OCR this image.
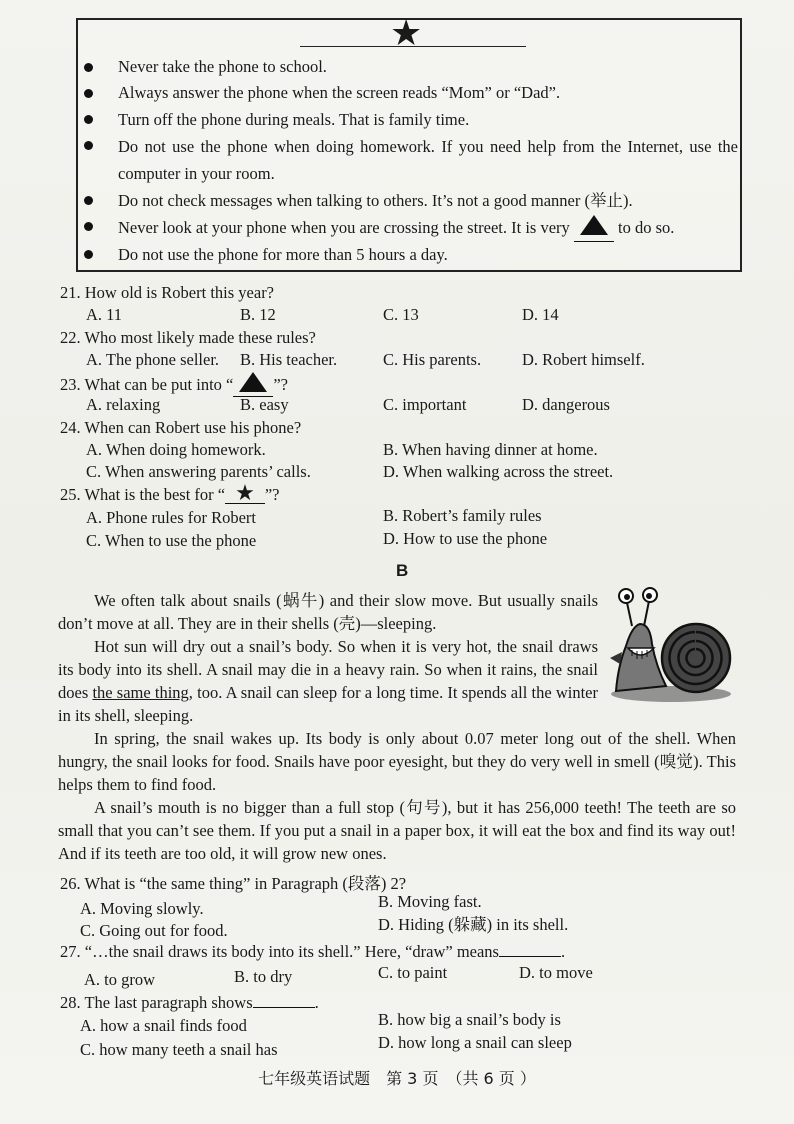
★
Never take the phone to school.
Always answer the phone when the screen reads “Mom” or “Dad”.
Turn off the phone during meals. That is family time.
Do not use the phone when doing homework. If you need help from the Internet, use the computer in your room.
Do not check messages when talking to others. It’s not a good manner (举止).
Never look at your phone when you are crossing the street. It is very	to do so.
Do not use the phone for more than 5 hours a day.
21. How old is Robert this year?
A. 11	B. 12	C. 13	D. 14
22. Who most likely made these rules?
A. The phone seller. B. His teacher.	C. His parents. D. Robert himself.
23. What can be put into “ ”?
A. relaxing	B. easy	C. important	D. dangerous
24. When can Robert use his phone?
A. When doing homework.	B. When having dinner at home.
C. When answering parents’ calls.	D. When walking across the street.
25. What is the best for “ ★ ”?
A. Phone rules for Robert	B. Robert’s family rules
C. When to use the phone	D. How to use the phone
B
We often talk about snails (蜗牛) and their slow move. But usually snails don’t move at all. They are in their shells (壳)—sleeping.
Hot sun will dry out a snail’s body. So when it is very hot, the snail draws its body into its shell. A snail may die in a heavy rain. So when it rains, the snail does the same thing, too. A snail can sleep for a long time. It spends all the winter in its shell, sleeping.
In spring, the snail wakes up. Its body is only about 0.07 meter long out of the shell. When hungry, the snail looks for food. Snails have poor eyesight, but they do very well in smell (嗅觉). This helps them to find food.
A snail’s mouth is no bigger than a full stop (句号), but it has 256,000 teeth! The teeth are so small that you can’t see them. If you put a snail in a paper box, it will eat the box and find its way out! And if its teeth are too old, it will grow new ones.
26. What is “the same thing” in Paragraph (段落) 2?
A. Moving slowly.	B. Moving fast.
C. Going out for food.	D. Hiding (躲藏) in its shell.
27. “…the snail draws its body into its shell.” Here, “draw” means	.
A. to grow	B. to dry	C. to paint	D. to move
28. The last paragraph shows	.
A. how a snail finds food	B. how big a snail’s body is
C. how many teeth a snail has	D. how long a snail can sleep
七年级英语试题　第 3 页　（共 6 页 ）
